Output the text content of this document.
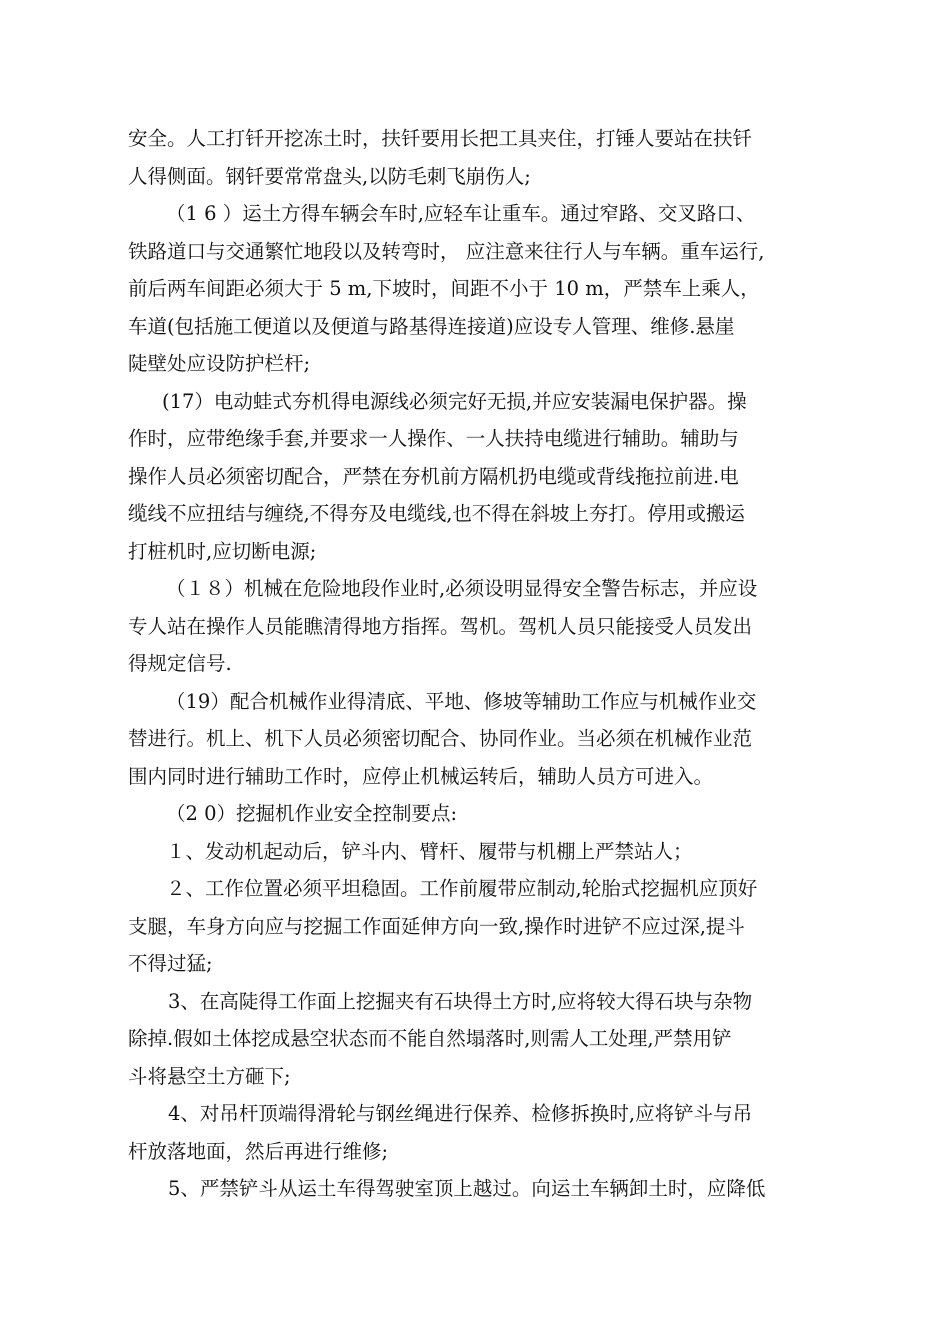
安全。人工打钎开挖冻土时，扶钎要用长把工具夹住，打锤人要站在扶钎
人得侧面。钢钎要常常盘头,以防毛刺飞崩伤人;
（1 6 ）运土方得车辆会车时,应轻车让重车。通过窄路、交叉路口、
铁路道口与交通繁忙地段以及转弯时， 应注意来往行人与车辆。重车运行,
前后两车间距必须大于 5 m,下坡时，间距不小于 10 m，严禁车上乘人，
车道(包括施工便道以及便道与路基得连接道)应设专人管理、维修.悬崖
陡壁处应设防护栏杆;
(17）电动蛙式夯机得电源线必须完好无损,并应安装漏电保护器。操
作时，应带绝缘手套,并要求一人操作、一人扶持电缆进行辅助。辅助与
操作人员必须密切配合，严禁在夯机前方隔机扔电缆或背线拖拉前进.电
缆线不应扭结与缠绕,不得夯及电缆线,也不得在斜坡上夯打。停用或搬运
打桩机时,应切断电源;
（１８）机械在危险地段作业时,必须设明显得安全警告标志，并应设
专人站在操作人员能瞧清得地方指挥。驾机。驾机人员只能接受人员发出
得规定信号.
（19）配合机械作业得清底、平地、修坡等辅助工作应与机械作业交
替进行。机上、机下人员必须密切配合、协同作业。当必须在机械作业范
围内同时进行辅助工作时，应停止机械运转后，辅助人员方可进入。
（2 0）挖掘机作业安全控制要点:
１、发动机起动后，铲斗内、臂杆、履带与机棚上严禁站人；
２、工作位置必须平坦稳固。工作前履带应制动,轮胎式挖掘机应顶好
支腿，车身方向应与挖掘工作面延伸方向一致,操作时进铲不应过深,提斗
不得过猛;
3、在高陡得工作面上挖掘夹有石块得土方时,应将较大得石块与杂物
除掉.假如土体挖成悬空状态而不能自然塌落时,则需人工处理,严禁用铲
斗将悬空土方砸下;
4、对吊杆顶端得滑轮与钢丝绳进行保养、检修拆换时,应将铲斗与吊
杆放落地面，然后再进行维修;
5、严禁铲斗从运土车得驾驶室顶上越过。向运土车辆卸土时，应降低
